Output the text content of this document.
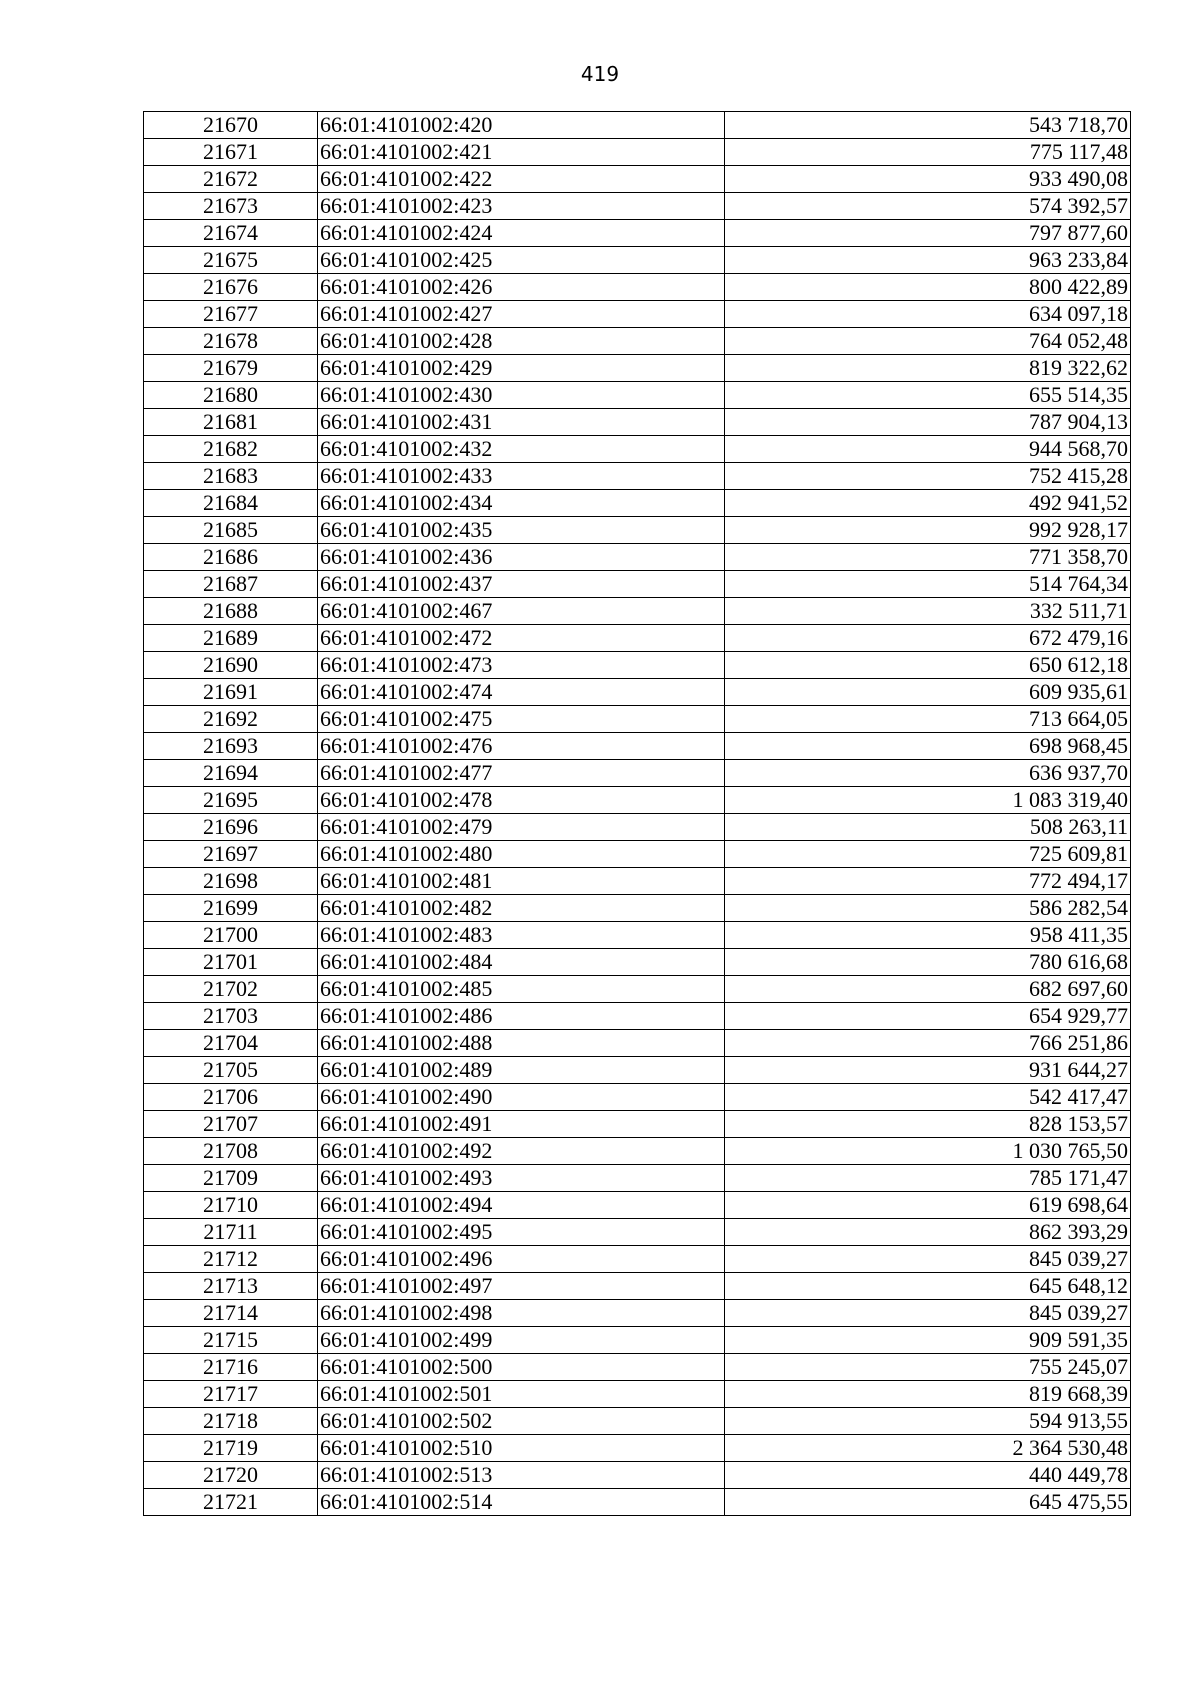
419
21670	66:01:4101002:420	543 718,70
21671	66:01:4101002:421	775 117,48
21672	66:01:4101002:422	933 490,08
21673	66:01:4101002:423	574 392,57
21674	66:01:4101002:424	797 877,60
21675	66:01:4101002:425	963 233,84
21676	66:01:4101002:426	800 422,89
21677	66:01:4101002:427	634 097,18
21678	66:01:4101002:428	764 052,48
21679	66:01:4101002:429	819 322,62
21680	66:01:4101002:430	655 514,35
21681	66:01:4101002:431	787 904,13
21682	66:01:4101002:432	944 568,70
21683	66:01:4101002:433	752 415,28
21684	66:01:4101002:434	492 941,52
21685	66:01:4101002:435	992 928,17
21686	66:01:4101002:436	771 358,70
21687	66:01:4101002:437	514 764,34
21688	66:01:4101002:467	332 511,71
21689	66:01:4101002:472	672 479,16
21690	66:01:4101002:473	650 612,18
21691	66:01:4101002:474	609 935,61
21692	66:01:4101002:475	713 664,05
21693	66:01:4101002:476	698 968,45
21694	66:01:4101002:477	636 937,70
21695	66:01:4101002:478	1 083 319,40
21696	66:01:4101002:479	508 263,11
21697	66:01:4101002:480	725 609,81
21698	66:01:4101002:481	772 494,17
21699	66:01:4101002:482	586 282,54
21700	66:01:4101002:483	958 411,35
21701	66:01:4101002:484	780 616,68
21702	66:01:4101002:485	682 697,60
21703	66:01:4101002:486	654 929,77
21704	66:01:4101002:488	766 251,86
21705	66:01:4101002:489	931 644,27
21706	66:01:4101002:490	542 417,47
21707	66:01:4101002:491	828 153,57
21708	66:01:4101002:492	1 030 765,50
21709	66:01:4101002:493	785 171,47
21710	66:01:4101002:494	619 698,64
21711	66:01:4101002:495	862 393,29
21712	66:01:4101002:496	845 039,27
21713	66:01:4101002:497	645 648,12
21714	66:01:4101002:498	845 039,27
21715	66:01:4101002:499	909 591,35
21716	66:01:4101002:500	755 245,07
21717	66:01:4101002:501	819 668,39
21718	66:01:4101002:502	594 913,55
21719	66:01:4101002:510	2 364 530,48
21720	66:01:4101002:513	440 449,78
21721	66:01:4101002:514	645 475,55
